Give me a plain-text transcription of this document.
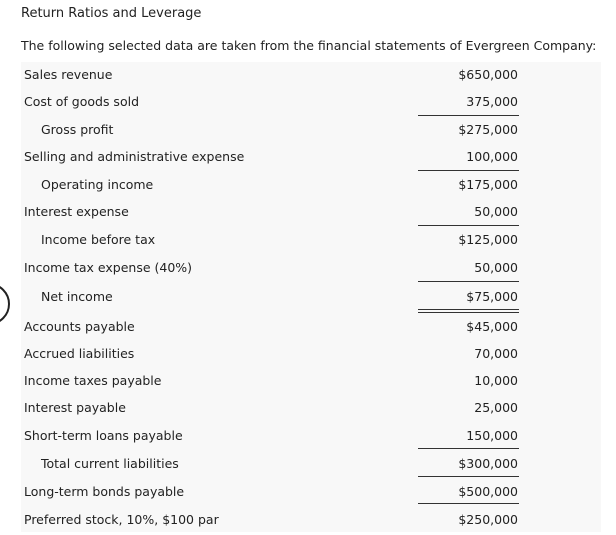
Return Ratios and Leverage
The following selected data are taken from the financial statements of Evergreen Company:
Sales revenue	$650,000
Cost of goods sold	375,000
Gross profit	$275,000
Selling and administrative expense	100,000
Operating income	$175,000
Interest expense	50,000
Income before tax	$125,000
Income tax expense (40%)	50,000
Net income	$75,000
Accounts payable	$45,000
Accrued liabilities	70,000
Income taxes payable	10,000
Interest payable	25,000
Short-term loans payable	150,000
Total current liabilities	$300,000
Long-term bonds payable	$500,000
Preferred stock, 10%, $100 par	$250,000
